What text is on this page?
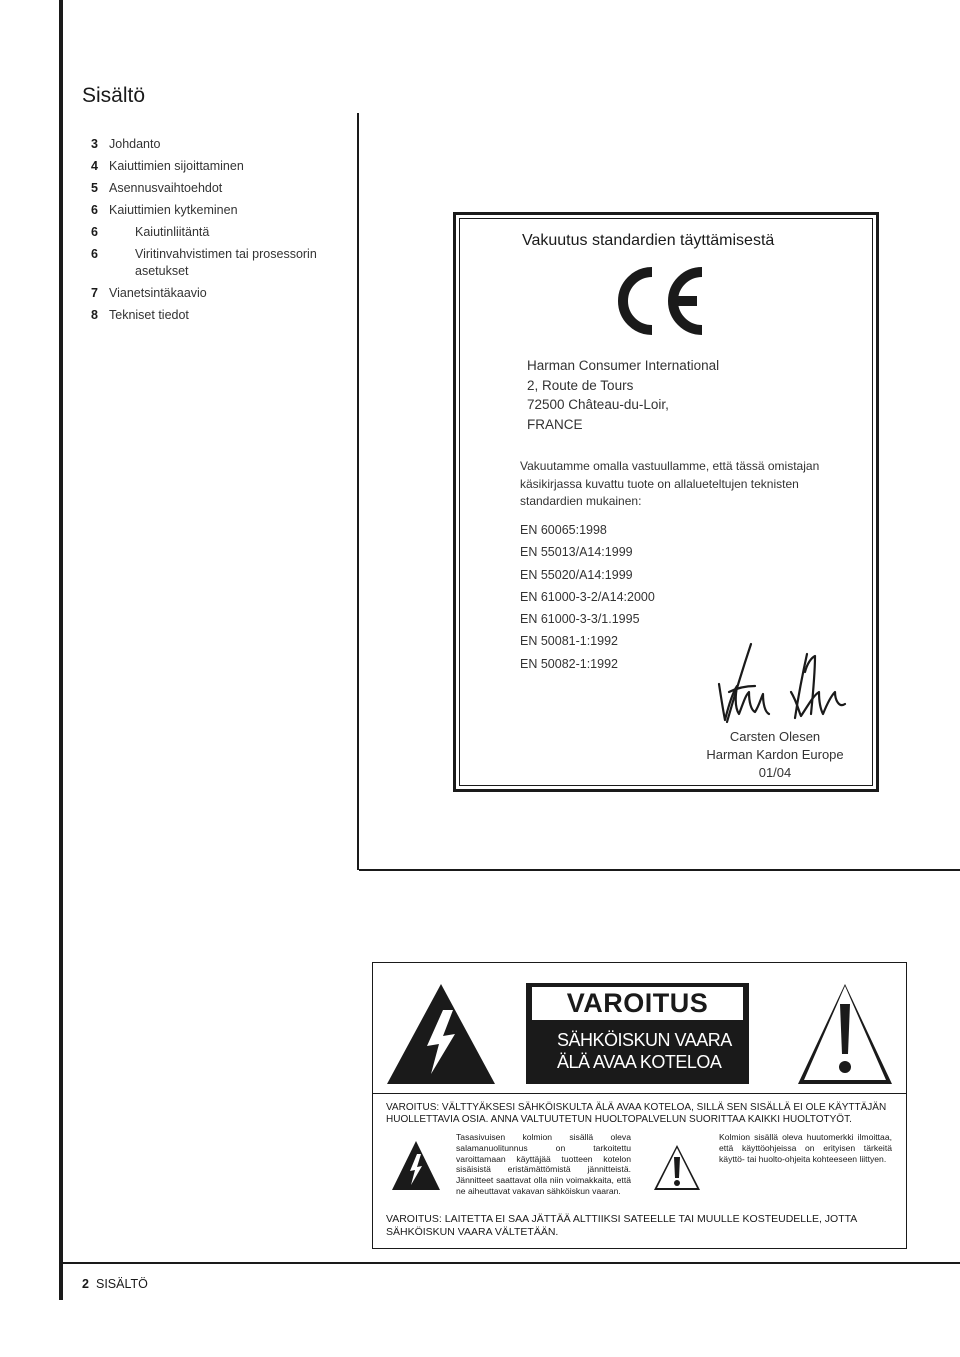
Sisältö
3 Johdanto
4 Kaiuttimien sijoittaminen
5 Asennusvaihtoehdot
6 Kaiuttimien kytkeminen
6	Kaiutinliitäntä
6	Viritinvahvistimen tai prosessorin asetukset
7 Vianetsintäkaavio
8 Tekniset tiedot
Vakuutus standardien täyttämisestä
Harman Consumer International
2, Route de Tours
72500 Château-du-Loir,
FRANCE
Vakuutamme omalla vastuullamme, että tässä omistajan käsikirjassa kuvattu tuote on allalueteltujen teknisten standardien mukainen:
EN 60065:1998
EN 55013/A14:1999
EN 55020/A14:1999
EN 61000-3-2/A14:2000
EN 61000-3-3/1.1995
EN 50081-1:1992
EN 50082-1:1992
Carsten Olesen
Harman Kardon Europe
01/04
VAROITUS
SÄHKÖISKUN VAARA
ÄLÄ AVAA KOTELOA
VAROITUS: VÄLTTYÄKSESI SÄHKÖISKULTA ÄLÄ AVAA KOTELOA, SILLÄ SEN SISÄLLÄ EI OLE KÄYTTÄJÄN HUOLLETTAVIA OSIA. ANNA VALTUUTETUN HUOLTOPALVELUN SUORITTAA KAIKKI HUOLTOTYÖT.
Tasasivuisen kolmion sisällä oleva salamanuolitunnus on tarkoitettu varoittamaan käyttäjää tuotteen kotelon sisäisistä eristämättömistä jännitteistä. Jännitteet saattavat olla niin voimakkaita, että ne aiheuttavat vakavan sähköiskun vaaran.
Kolmion sisällä oleva huutomerkki ilmoittaa, että käyttöohjeissa on erityisen tärkeitä käyttö- tai huolto-ohjeita kohteeseen liittyen.
VAROITUS: LAITETTA EI SAA JÄTTÄÄ ALTTIIKSI SATEELLE TAI MUULLE KOSTEUDELLE, JOTTA SÄHKÖISKUN VAARA VÄLTETÄÄN.
2 SISÄLTÖ
